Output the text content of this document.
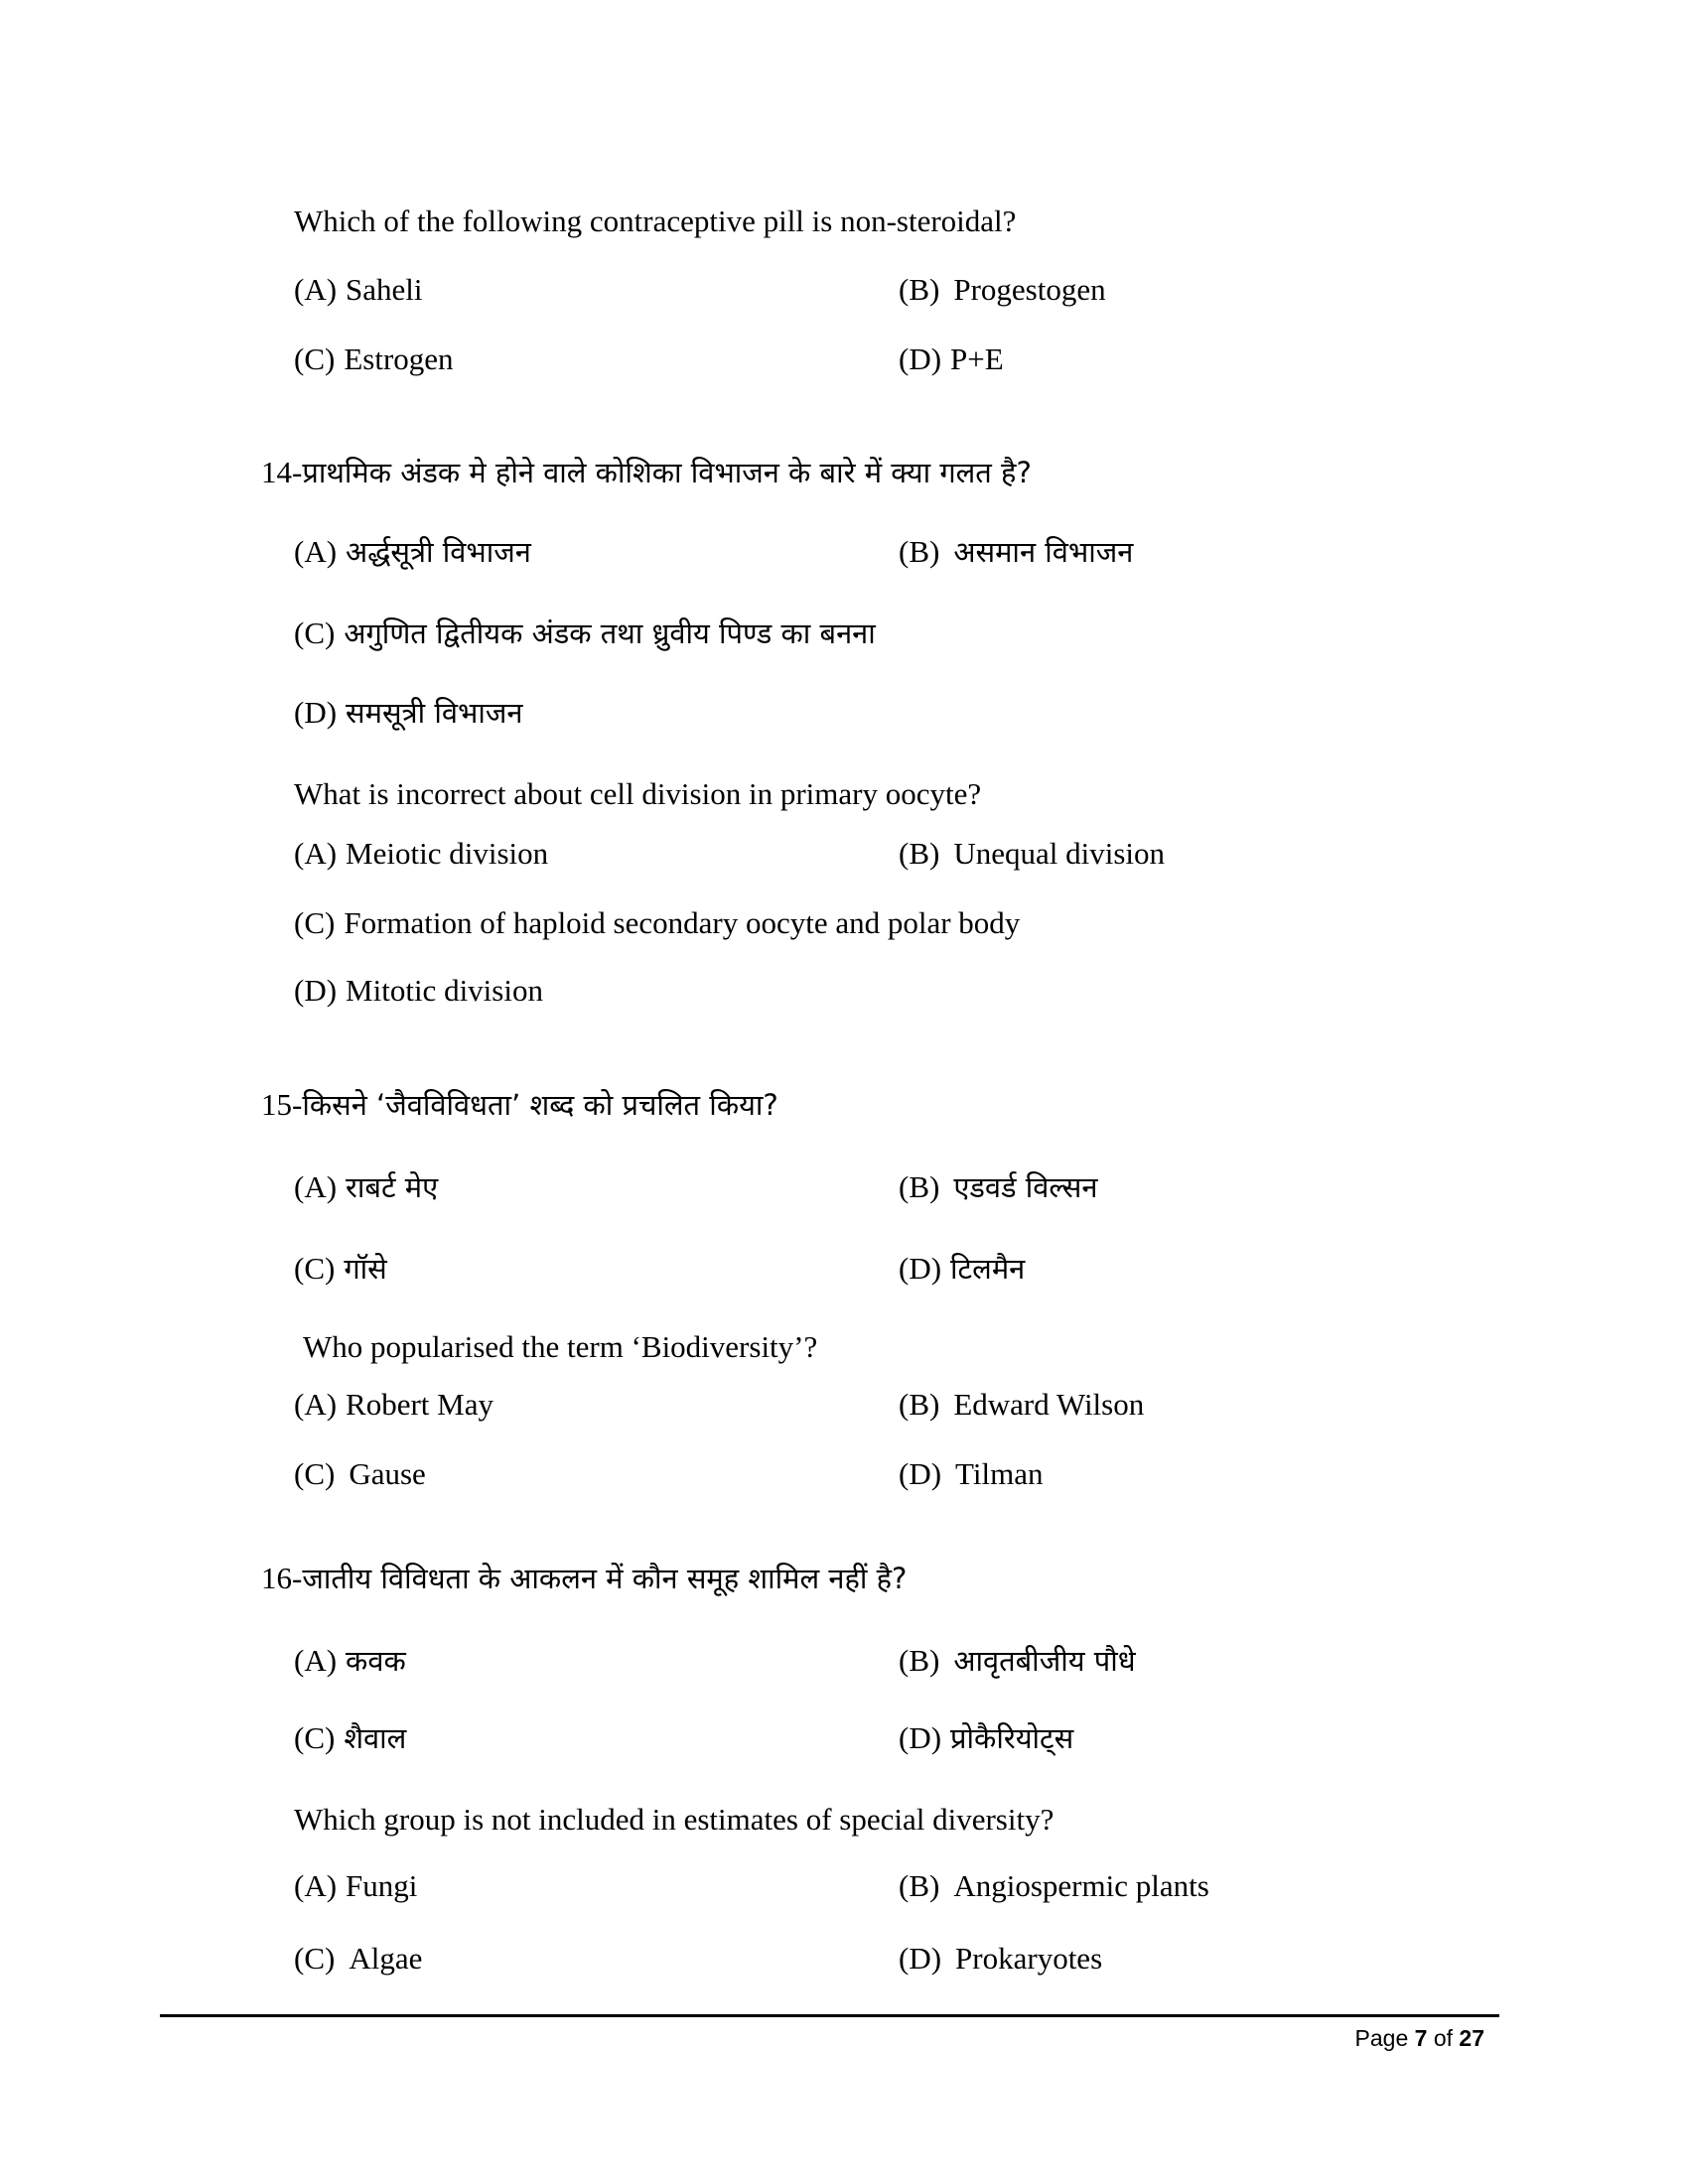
Which of the following contraceptive pill is non-steroidal?
(A) Saheli	(B) Progestogen
(C) Estrogen	(D) P+E
14-प्राथमिक अंडक मे होने वाले कोशिका विभाजन के बारे में क्या गलत है?
(A) अर्द्धसूत्री विभाजन	(B) असमान विभाजन
(C) अगुणित द्वितीयक अंडक तथा ध्रुवीय पिण्ड का बनना
(D) समसूत्री विभाजन
What is incorrect about cell division in primary oocyte?
(A) Meiotic division	(B) Unequal division
(C) Formation of haploid secondary oocyte and polar body
(D) Mitotic division
15-किसने ‘जैवविविधता’ शब्द को प्रचलित किया?
(A) राबर्ट मेए	(B) एडवर्ड विल्सन
(C) गॉसे	(D) टिलमैन
Who popularised the term ‘Biodiversity’?
(A) Robert May	(B) Edward Wilson
(C) Gause	(D) Tilman
16-जातीय विविधता के आकलन में कौन समूह शामिल नहीं है?
(A) कवक	(B) आवृतबीजीय पौधे
(C) शैवाल	(D) प्रोकैरियोट्स
Which group is not included in estimates of special diversity?
(A) Fungi	(B) Angiospermic plants
(C) Algae	(D) Prokaryotes
Page 7 of 27
